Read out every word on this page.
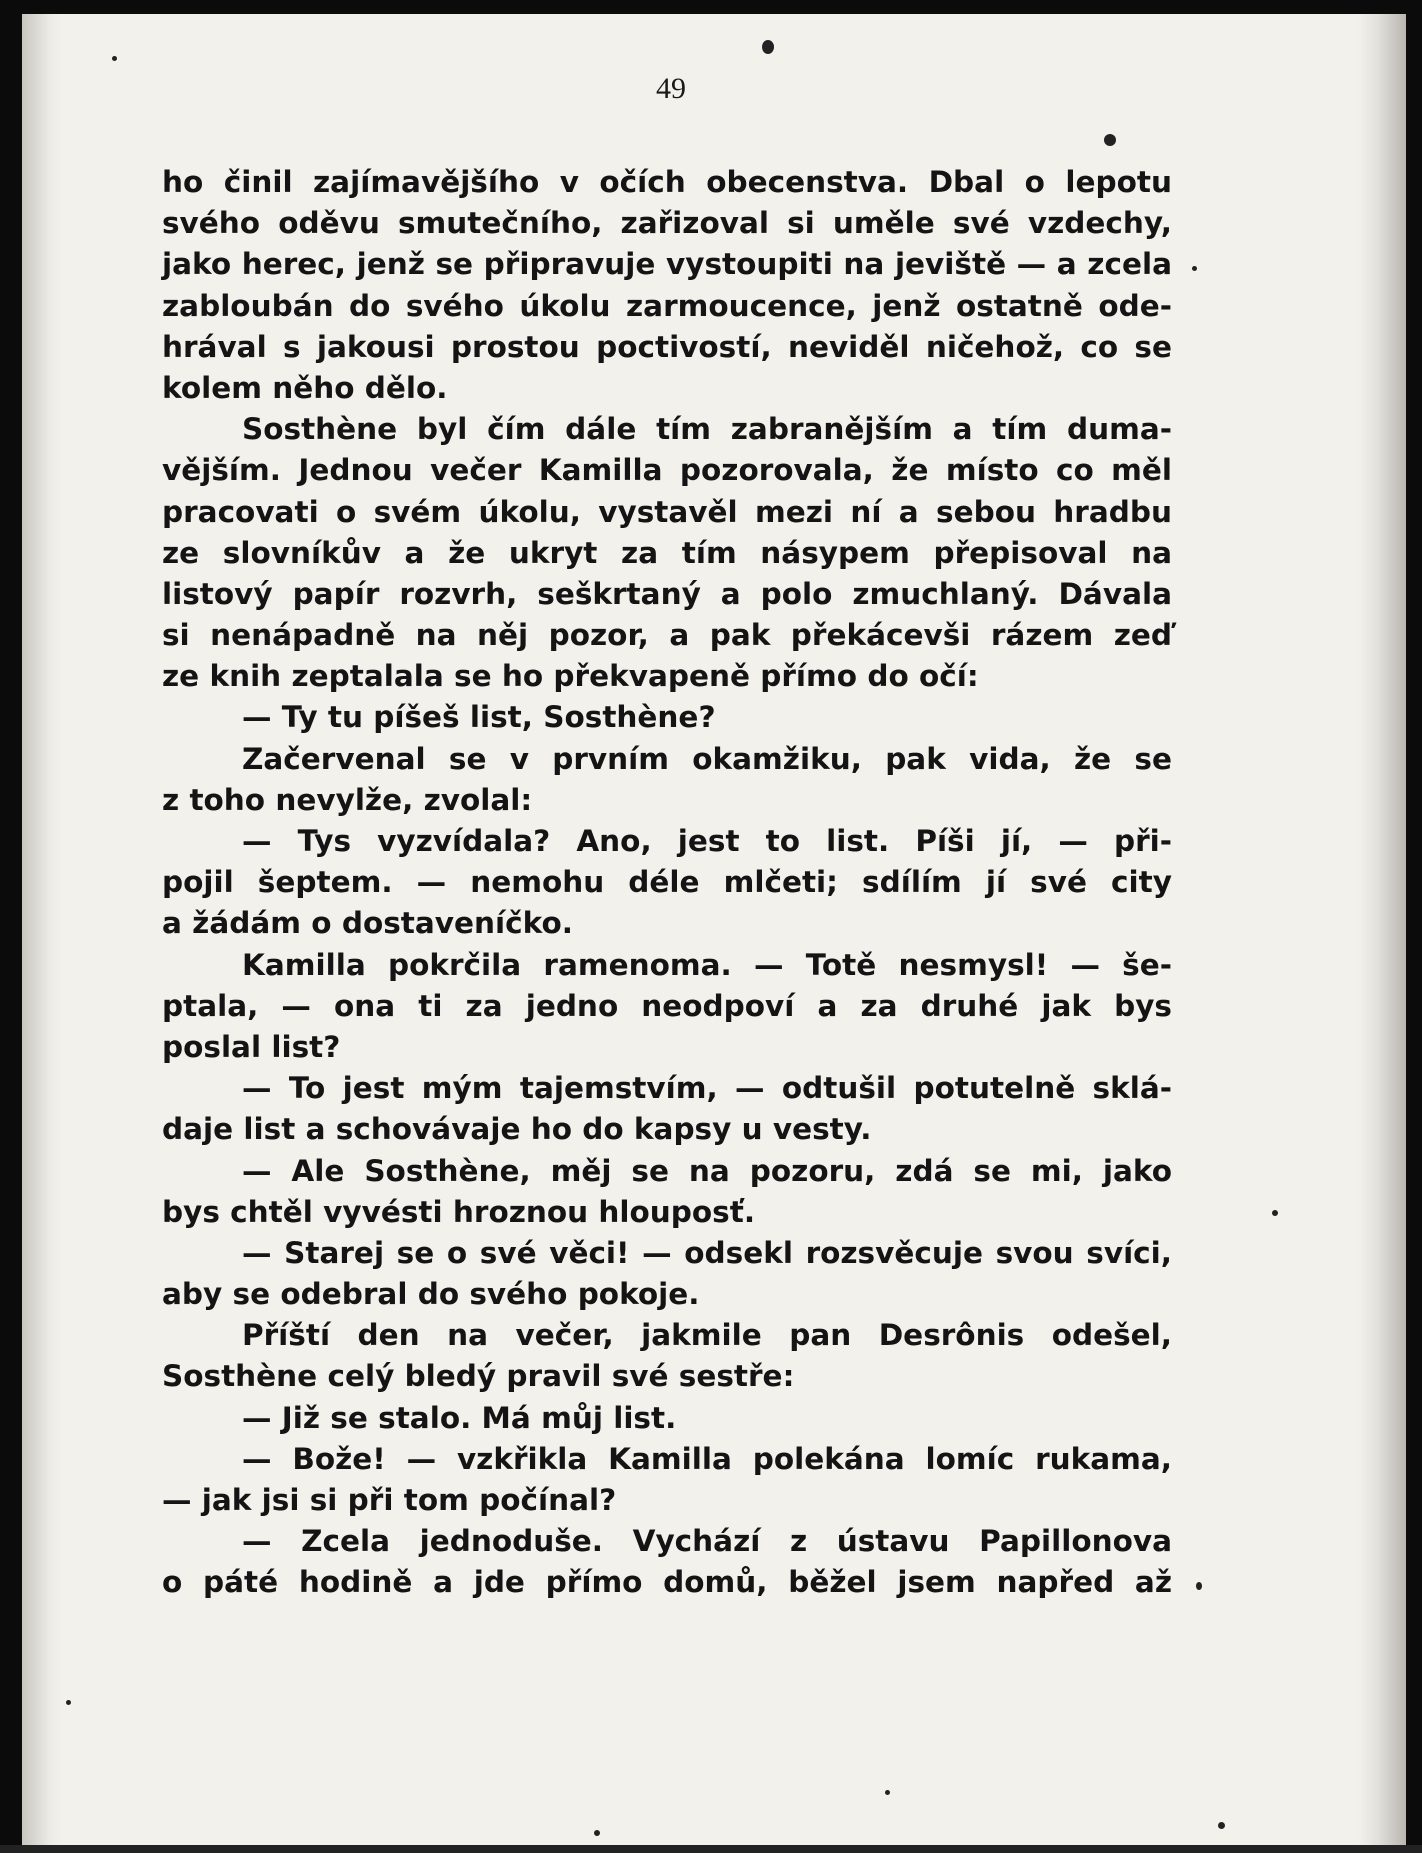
49
ho činil zajímavějšího v očích obecenstva. Dbal o lepotu
svého oděvu smutečního, zařizoval si uměle své vzdechy,
jako herec, jenž se připravuje vystoupiti na jeviště — a zcela
zabloubán do svého úkolu zarmoucence, jenž ostatně ode-
hrával s jakousi prostou poctivostí, neviděl ničehož, co se
kolem něho dělo.
Sosthène byl čím dále tím zabranějším a tím duma-
vějším. Jednou večer Kamilla pozorovala, že místo co měl
pracovati o svém úkolu, vystavěl mezi ní a sebou hradbu
ze slovníkův a že ukryt za tím násypem přepisoval na
listový papír rozvrh, seškrtaný a polo zmuchlaný. Dávala
si nenápadně na něj pozor, a pak překácevši rázem zeď
ze knih zeptalala se ho překvapeně přímo do očí:
— Ty tu píšeš list, Sosthène?
Začervenal se v prvním okamžiku, pak vida, že se
z toho nevylže, zvolal:
— Tys vyzvídala? Ano, jest to list. Píši jí, — při-
pojil šeptem. — nemohu déle mlčeti; sdílím jí své city
a žádám o dostaveníčko.
Kamilla pokrčila ramenoma. — Totě nesmysl! — še-
ptala, — ona ti za jedno neodpoví a za druhé jak bys
poslal list?
— To jest mým tajemstvím, — odtušil potutelně sklá-
daje list a schovávaje ho do kapsy u vesty.
— Ale Sosthène, měj se na pozoru, zdá se mi, jako
bys chtěl vyvésti hroznou hlouposť.
— Starej se o své věci! — odsekl rozsvěcuje svou svíci,
aby se odebral do svého pokoje.
Příští den na večer, jakmile pan Desrônis odešel,
Sosthène celý bledý pravil své sestře:
— Již se stalo. Má můj list.
— Bože! — vzkřikla Kamilla polekána lomíc rukama,
— jak jsi si při tom počínal?
— Zcela jednoduše. Vychází z ústavu Papillonova
o páté hodině a jde přímo domů, běžel jsem napřed až
